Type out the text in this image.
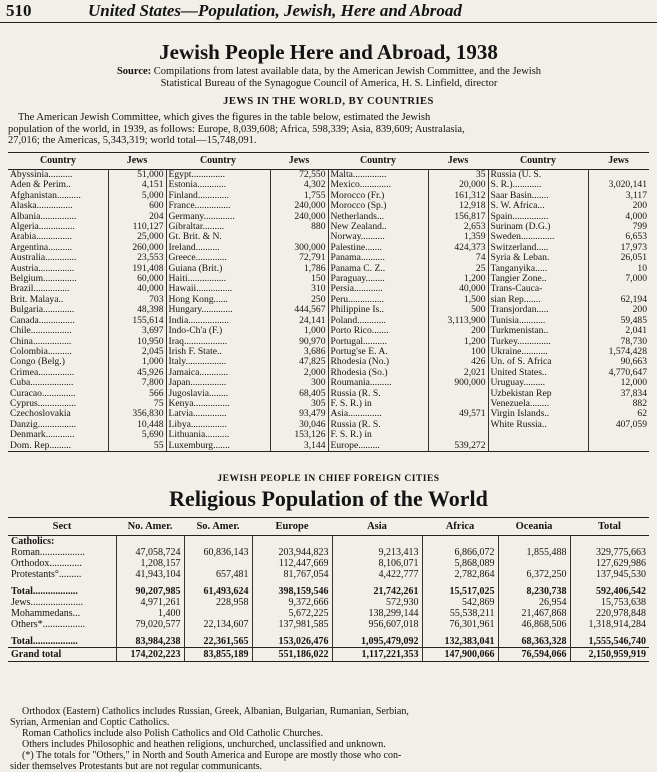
510	United States—Population, Jewish, Here and Abroad
Jewish People Here and Abroad, 1938
Source: Compilations from latest available data, by the American Jewish Committee, and the Jewish
Statistical Bureau of the Synagogue Council of America, H. S. Linfield, director
JEWS IN THE WORLD, BY COUNTRIES
The American Jewish Committee, which gives the figures in the table below, estimated the Jewish
population of the world, in 1939, as follows: Europe, 8,039,608; Africa, 598,339; Asia, 839,609; Australasia,
27,016; the Americas, 5,343,319; world total—15,748,091.
Country	Jews	Country	Jews	Country	Jews	Country	Jews
Abyssinia..........	51,000	Egypt..............	72,550	Malta..............	35	Russia (U. S.	
Aden & Perim..	4,151	Estonia............	4,302	Mexico.............	20,000	S. R.)............	3,020,141
Afghanistan..........	5,000	Finland.............	1,755	Morocco (Fr.)	161,312	Saar Basin.......	3,117
Alaska...............	600	France...............	240,000	Morocco (Sp.)	12,918	S. W. Africa...	200
Albania...............	204	Germany.............	240,000	Netherlands...	156,817	Spain...............	4,000
Algeria...............	110,127	Gibraltar.........	880	New Zealand..	2,653	Surinam (D.G.)	799
Arabia...............	25,000	Gt. Brit. & N.		Norway..........	1,359	Sweden..............	6,653
Argentina..........	260,000	Ireland..........	300,000	Palestine.......	424,373	Switzerland.....	17,973
Australia.............	23,553	Greece.............	72,791	Panama..........	74	Syria & Leban.	26,051
Austria...............	191,408	Guiana (Brit.)	1,786	Panama C. Z..	25	Tanganyika.....	10
Belgium..............	60,000	Haiti................	150	Paraguay........	1,200	Tangier Zone..	7,000
Brazil...............	40,000	Hawaii...............	310	Persia............	40,000	Trans-Cauca-	
Brit. Malaya..	703	Hong Kong......	250	Peru...............	1,500	sian Rep.......	62,194
Bulgaria.............	48,398	Hungary.............	444,567	Philippine Is..	500	Transjordan.....	200
Canada...............	155,614	India.................	24,141	Poland............	3,113,900	Tunisia...........	59,485
Chile.................	3,697	Indo-Ch'a (F.)	1,000	Porto Rico.......	200	Turkmenistan..	2,041
China................	10,950	Iraq..................	90,970	Portugal..........	1,200	Turkey..............	78,730
Colombia..........	2,045	Irish F. State..	3,686	Portug'se E. A.	100	Ukraine...........	1,574,428
Congo (Belg.)	1,000	Italy.................	47,825	Rhodesia (No.)	426	Un. of S. Africa	90,663
Crimea...............	45,926	Jamaica............	2,000	Rhodesia (So.)	2,021	United States..	4,770,647
Cuba..................	7,800	Japan...............	300	Roumania.........	900,000	Uruguay.........	12,000
Curacao..............	566	Jugoslavia........	68,405	Russia (R. S.		Uzbekistan Rep	37,834
Cyprus................	75	Kenya...............	305	F. S. R.) in		Venezuela........	882
Czechoslovakia	356,830	Latvia..............	93,479	Asia..............	49,571	Virgin Islands..	62
Danzig................	10,448	Libya...............	30,046	Russia (R. S.		White Russia..	407,059
Denmark............	5,690	Lithuania..........	153,126	F. S. R.) in			
Dom. Rep.........	55	Luxemburg.......	3,144	Europe.........	539,272		
JEWISH PEOPLE IN CHIEF FOREIGN CITIES
Religious Population of the World
Sect	No. Amer.	So. Amer.	Europe	Asia	Africa	Oceania	Total
Catholics:							
Roman..................	47,058,724	60,836,143	203,944,823	9,213,413	6,866,072	1,855,488	329,775,663
Orthodox.............	1,208,157		112,447,669	8,106,071	5,868,089		127,629,986
Protestants°.........	41,943,104	657,481	81,767,054	4,422,777	2,782,864	6,372,250	137,945,530

Total..................	90,207,985	61,493,624	398,159,546	21,742,261	15,517,025	8,230,738	592,406,542
Jews.....................	4,971,261	228,958	9,372,666	572,930	542,869	26,954	15,753,638
Mohammedans...	1,400		5,672,225	138,299,144	55,538,211	21,467,868	220,978,848
Others*.................	79,020,577	22,134,607	137,981,585	956,607,018	76,301,961	46,868,506	1,318,914,284

Total..................	83,984,238	22,361,565	153,026,476	1,095,479,092	132,383,041	68,363,328	1,555,546,740
Grand total	174,202,223	83,855,189	551,186,022	1,117,221,353	147,900,066	76,594,066	2,150,959,919
Orthodox (Eastern) Catholics includes Russian, Greek, Albanian, Bulgarian, Rumanian, Serbian,
Syrian, Armenian and Coptic Catholics.
Roman Catholics include also Polish Catholics and Old Catholic Churches.
Others includes Philosophic and heathen religions, unchurched, unclassified and unknown.
(*) The totals for "Others," in North and South America and Europe are mostly those who con-
sider themselves Protestants but are not regular communicants.
